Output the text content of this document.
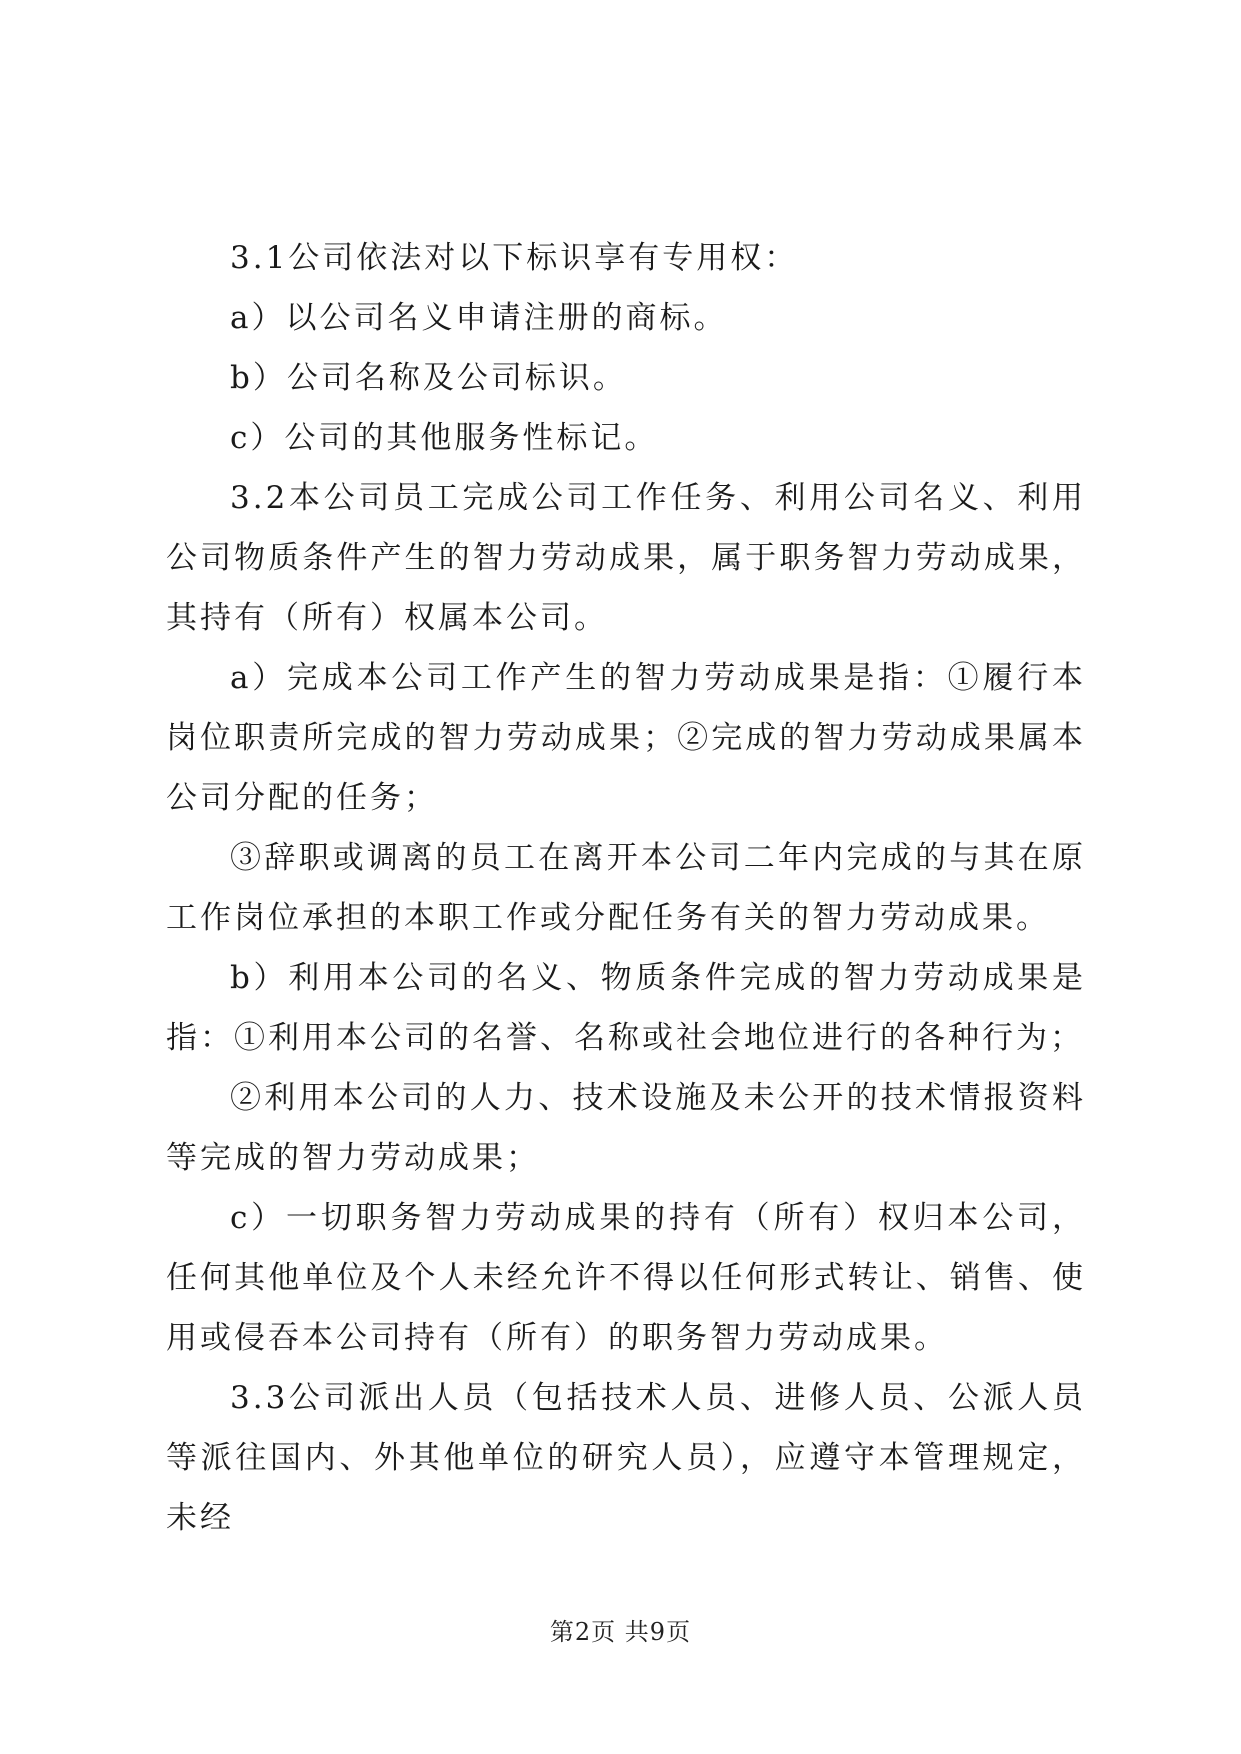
3.1公司依法对以下标识享有专用权：

a）以公司名义申请注册的商标。

b）公司名称及公司标识。

c）公司的其他服务性标记。

3.2本公司员工完成公司工作任务、利用公司名义、利用公司物质条件产生的智力劳动成果，属于职务智力劳动成果，其持有（所有）权属本公司。

a）完成本公司工作产生的智力劳动成果是指：①履行本岗位职责所完成的智力劳动成果；②完成的智力劳动成果属本公司分配的任务；

③辞职或调离的员工在离开本公司二年内完成的与其在原工作岗位承担的本职工作或分配任务有关的智力劳动成果。

b）利用本公司的名义、物质条件完成的智力劳动成果是指：①利用本公司的名誉、名称或社会地位进行的各种行为；

②利用本公司的人力、技术设施及未公开的技术情报资料等完成的智力劳动成果；

c）一切职务智力劳动成果的持有（所有）权归本公司，任何其他单位及个人未经允许不得以任何形式转让、销售、使用或侵吞本公司持有（所有）的职务智力劳动成果。

3.3公司派出人员（包括技术人员、进修人员、公派人员等派往国内、外其他单位的研究人员），应遵守本管理规定，未经

第2页 共9页
